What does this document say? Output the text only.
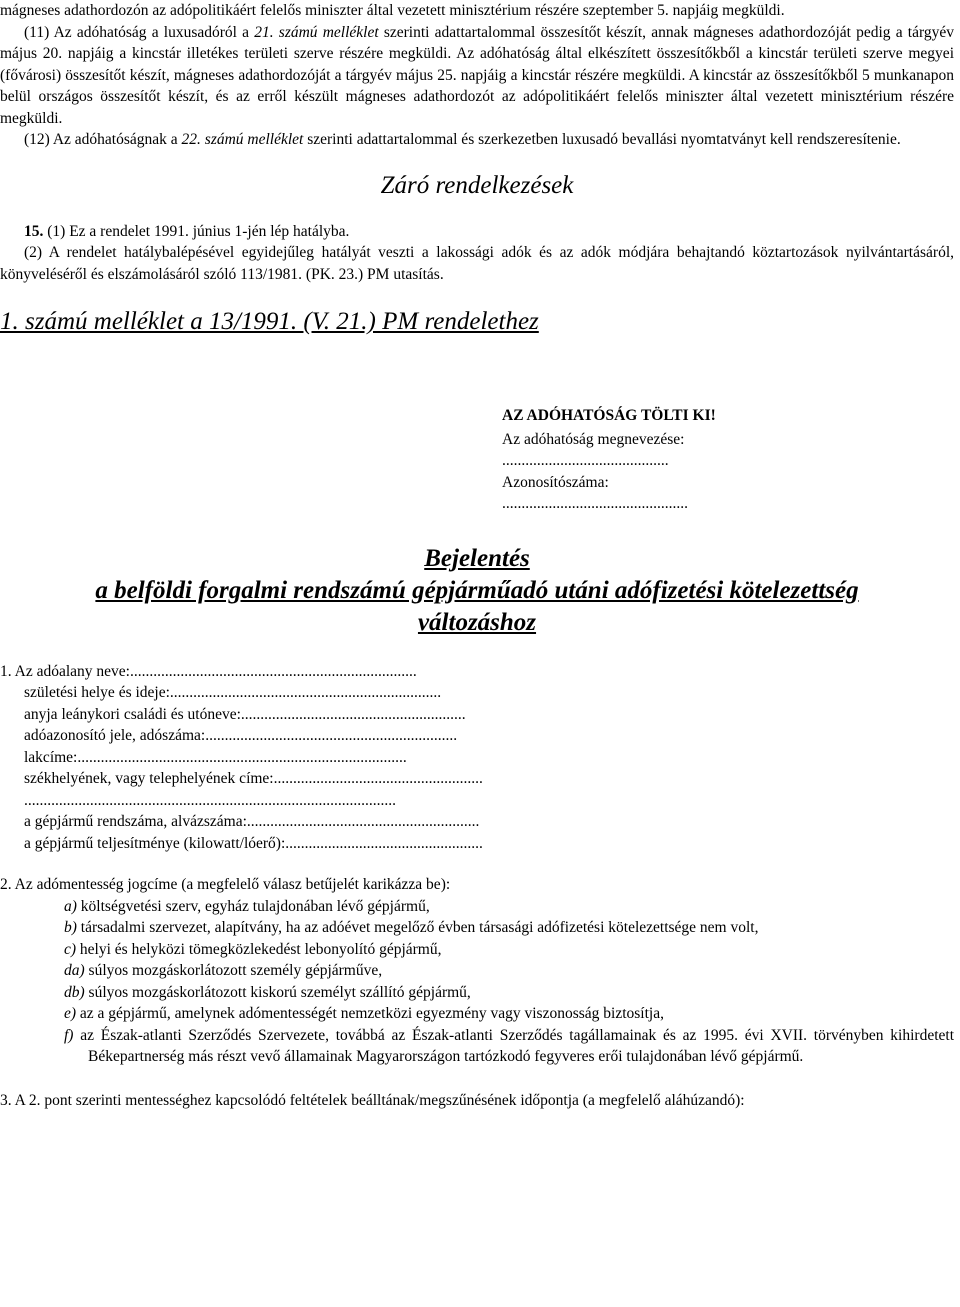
mágneses adathordozón az adópolitikáért felelős miniszter által vezetett minisztérium részére szeptember 5. napjáig megküldi.

(11) Az adóhatóság a luxusadóról a 21. számú melléklet szerinti adattartalommal összesítőt készít, annak mágneses adathordozóját pedig a tárgyév május 20. napjáig a kincstár illetékes területi szerve részére megküldi. Az adóhatóság által elkészített összesítőkből a kincstár területi szerve megyei (fővárosi) összesítőt készít, mágneses adathordozóját a tárgyév május 25. napjáig a kincstár részére megküldi. A kincstár az összesítőkből 5 munkanapon belül országos összesítőt készít, és az erről készült mágneses adathordozót az adópolitikáért felelős miniszter által vezetett minisztérium részére megküldi.

(12) Az adóhatóságnak a 22. számú melléklet szerinti adattartalommal és szerkezetben luxusadó bevallási nyomtatványt kell rendszeresítenie.

Záró rendelkezések

15. (1) Ez a rendelet 1991. június 1-jén lép hatályba.

(2) A rendelet hatálybalépésével egyidejűleg hatályát veszti a lakossági adók és az adók módjára behajtandó köztartozások nyilvántartásáról, könyveléséről és elszámolásáról szóló 113/1981. (PK. 23.) PM utasítás.

1. számú melléklet a 13/1991. (V. 21.) PM rendelethez
AZ ADÓHATÓSÁG TÖLTI KI!

Az adóhatóság megnevezése:

...........................................

Azonosítószáma:

................................................

Bejelentés
a belföldi forgalmi rendszámú gépjárműadó utáni adófizetési kötelezettség
változáshoz

1. Az adóalany neve:..........................................................................

születési helye és ideje:......................................................................

anyja leánykori családi és utóneve:..........................................................

adóazonosító jele, adószáma:.................................................................

lakcíme:.....................................................................................

székhelyének, vagy telephelyének címe:......................................................

................................................................................................

a gépjármű rendszáma, alvázszáma:............................................................

a gépjármű teljesítménye (kilowatt/lóerő):...................................................

2. Az adómentesség jogcíme (a megfelelő válasz betűjelét karikázza be):

a) költségvetési szerv, egyház tulajdonában lévő gépjármű,

b) társadalmi szervezet, alapítvány, ha az adóévet megelőző évben társasági adófizetési kötelezettsége nem volt,

c) helyi és helyközi tömegközlekedést lebonyolító gépjármű,

da) súlyos mozgáskorlátozott személy gépjárműve,

db) súlyos mozgáskorlátozott kiskorú személyt szállító gépjármű,

e) az a gépjármű, amelynek adómentességét nemzetközi egyezmény vagy viszonosság biztosítja,

f) az Észak-atlanti Szerződés Szervezete, továbbá az Észak-atlanti Szerződés tagállamainak és az 1995. évi XVII. törvényben kihirdetett Békepartnerség más részt vevő államainak Magyarországon tartózkodó fegyveres erői tulajdonában lévő gépjármű.

3. A 2. pont szerinti mentességhez kapcsolódó feltételek beálltának/megszűnésének időpontja (a megfelelő aláhúzandó):
